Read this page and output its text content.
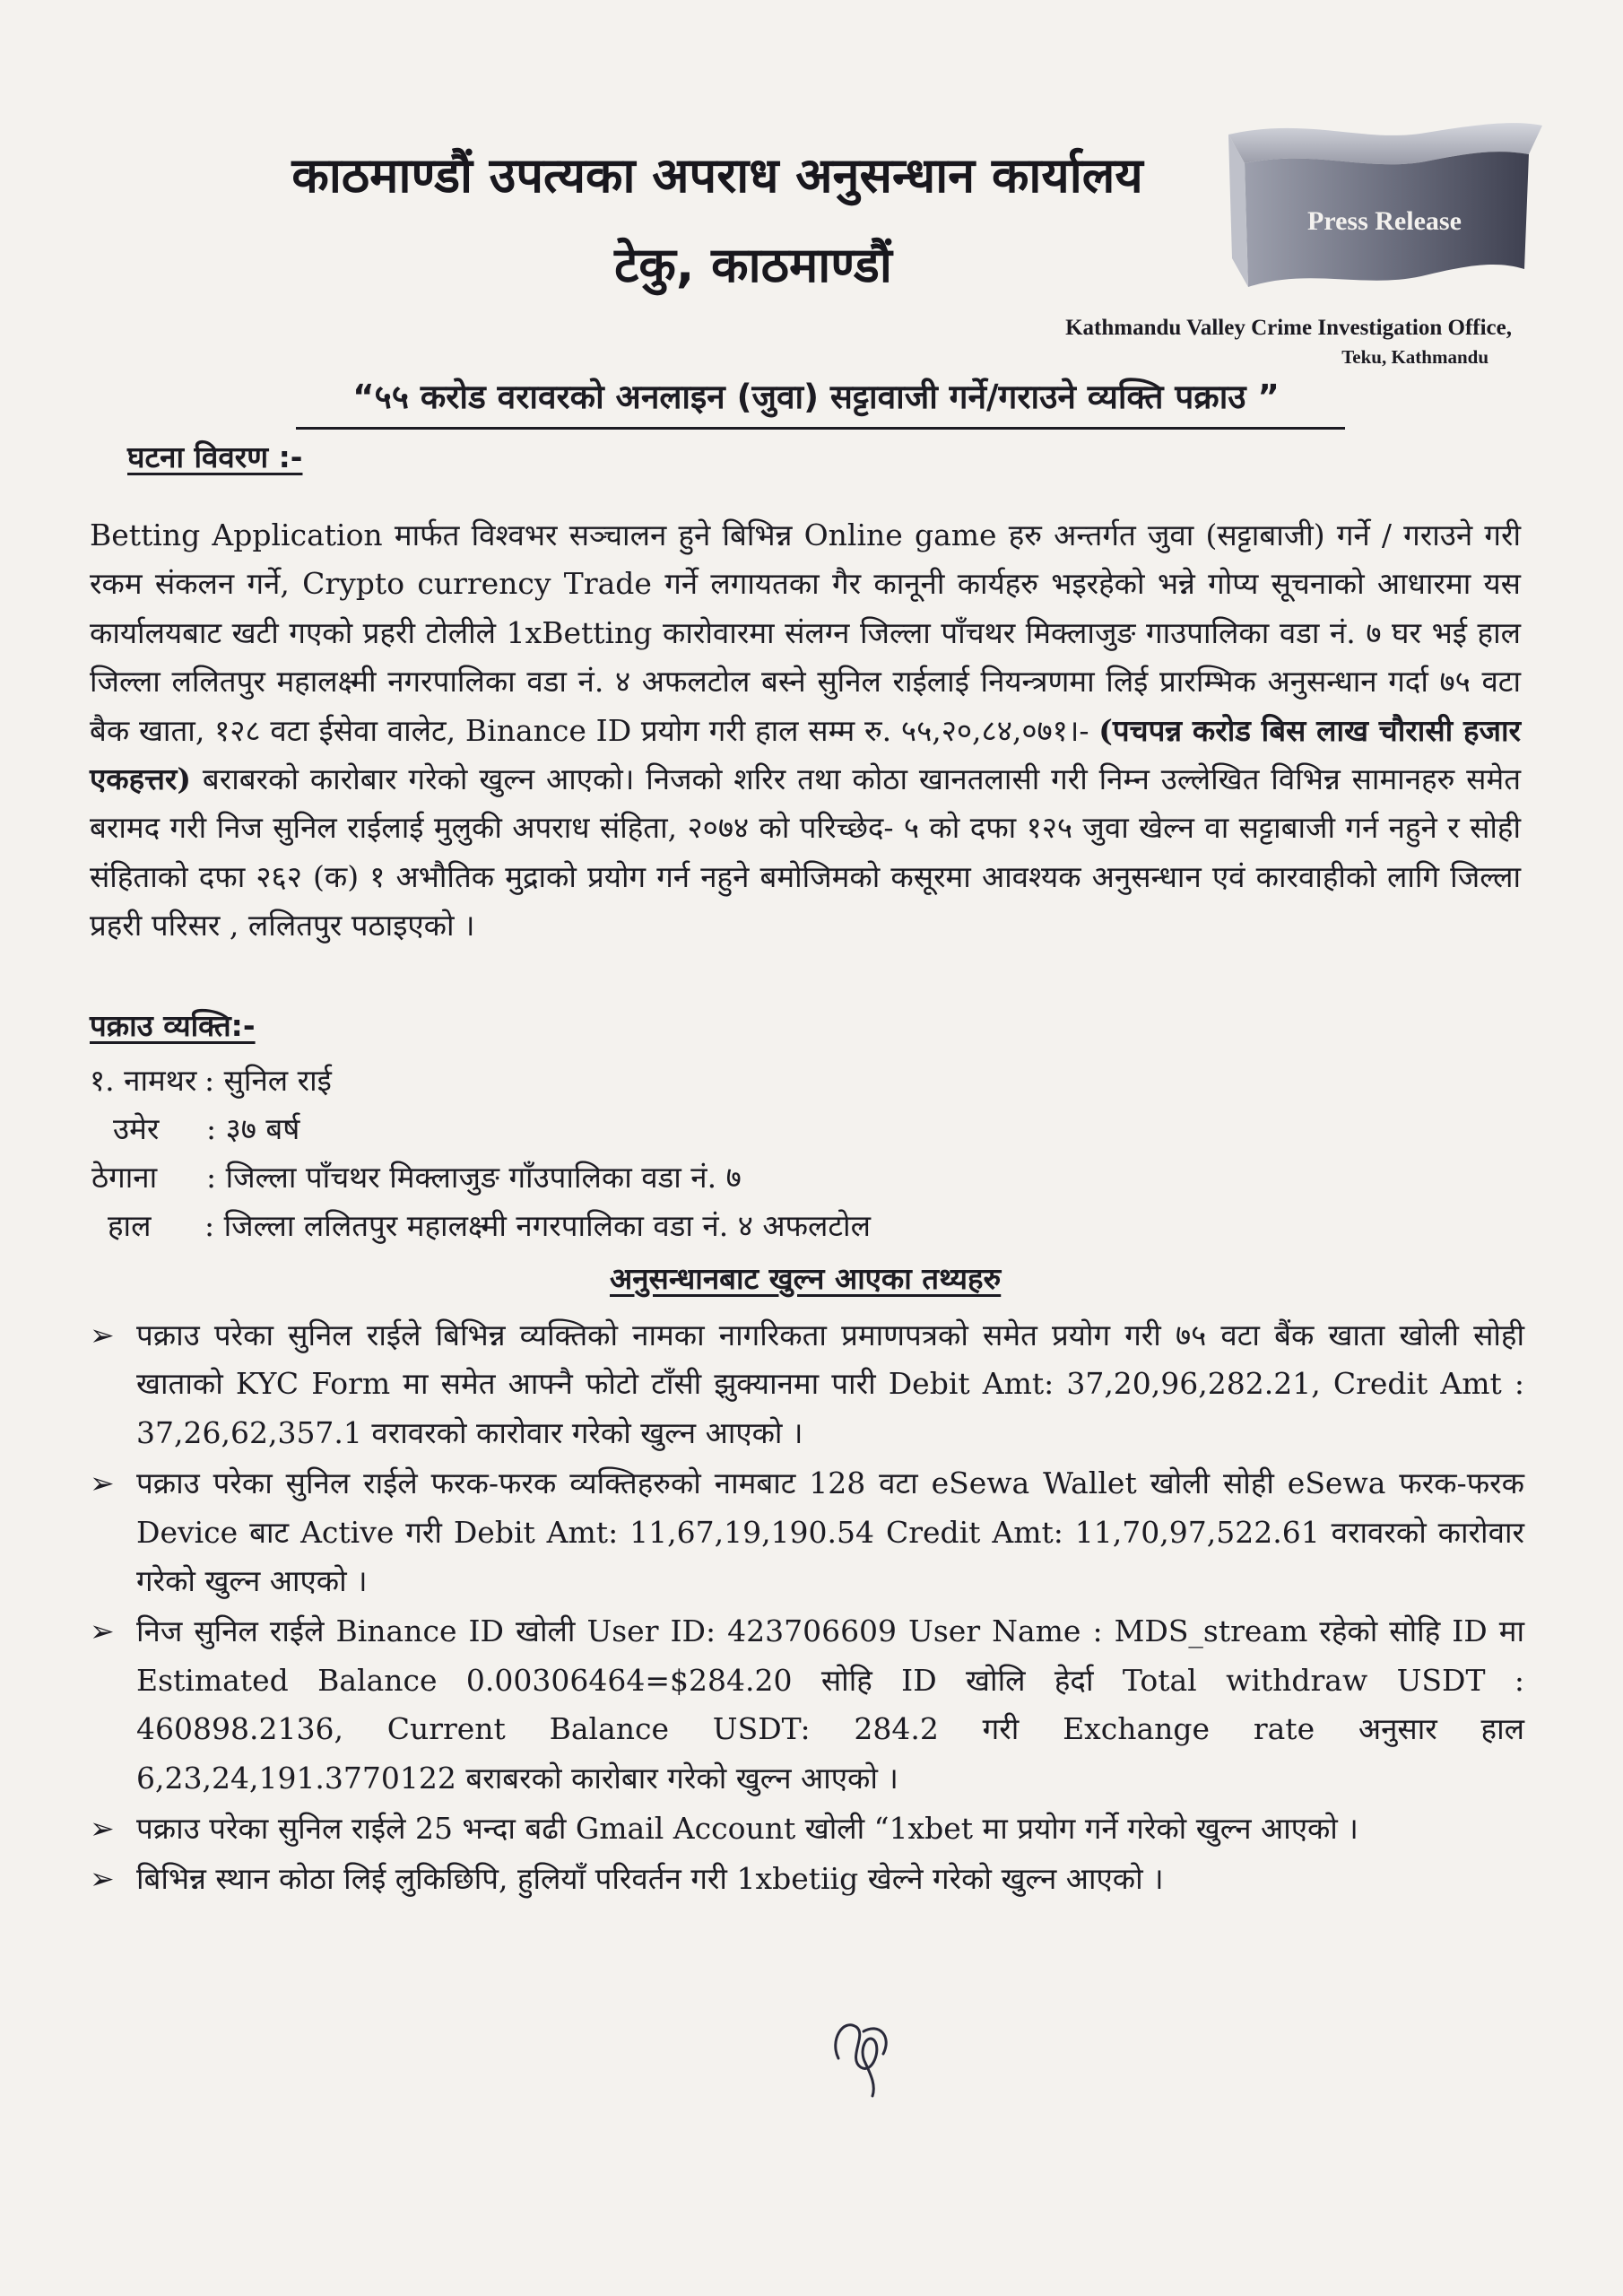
काठमाण्डौं उपत्यका अपराध अनुसन्धान कार्यालय
टेकु, काठमाण्डौं
Press Release
Kathmandu Valley Crime Investigation Office,
Teku, Kathmandu
“५५ करोड वरावरको अनलाइन (जुवा) सट्टावाजी गर्ने/गराउने व्यक्ति पक्राउ ”
घटना विवरण :-
Betting Application मार्फत विश्वभर सञ्चालन हुने बिभिन्न Online game हरु अन्तर्गत जुवा (सट्टाबाजी) गर्ने / गराउने गरी रकम संकलन गर्ने, Crypto currency Trade गर्ने लगायतका गैर कानूनी कार्यहरु भइरहेको भन्ने गोप्य सूचनाको आधारमा यस कार्यालयबाट खटी गएको प्रहरी टोलीले 1xBetting कारोवारमा संलग्न जिल्ला पाँचथर मिक्लाजुङ गाउपालिका वडा नं. ७ घर भई हाल जिल्ला ललितपुर महालक्ष्मी नगरपालिका वडा नं. ४ अफलटोल बस्ने सुनिल राईलाई नियन्त्रणमा लिई प्रारम्भिक अनुसन्धान गर्दा ७५ वटा बैक खाता, १२८ वटा ईसेवा वालेट, Binance ID प्रयोग गरी हाल सम्म रु. ५५,२०,८४,०७१।- (पचपन्न करोड बिस लाख चौरासी हजार एकहत्तर) बराबरको कारोबार गरेको खुल्न आएको। निजको शरिर तथा कोठा खानतलासी गरी निम्न उल्लेखित विभिन्न सामानहरु समेत बरामद गरी निज सुनिल राईलाई मुलुकी अपराध संहिता, २०७४ को परिच्छेद- ५ को दफा १२५ जुवा खेल्न वा सट्टाबाजी गर्न नहुने र सोही संहिताको दफा २६२ (क) १ अभौतिक मुद्राको प्रयोग गर्न नहुने बमोजिमको कसूरमा आवश्यक अनुसन्धान एवं कारवाहीको लागि जिल्ला प्रहरी परिसर , ललितपुर पठाइएको ।
पक्राउ व्यक्ति:-
१. नामथर : सुनिल राई
उमेर : ३७ बर्ष
ठेगाना : जिल्ला पाँचथर मिक्लाजुङ गाँउपालिका वडा नं. ७
हाल : जिल्ला ललितपुर महालक्ष्मी नगरपालिका वडा नं. ४ अफलटोल
अनुसन्धानबाट खुल्न आएका तथ्यहरु
➢ पक्राउ परेका सुनिल राईले बिभिन्न व्यक्तिको नामका नागरिकता प्रमाणपत्रको समेत प्रयोग गरी ७५ वटा बैंक खाता खोली सोही खाताको KYC Form मा समेत आफ्नै फोटो टाँसी झुक्यानमा पारी Debit Amt: 37,20,96,282.21, Credit Amt : 37,26,62,357.1 वरावरको कारोवार गरेको खुल्न आएको ।
➢ पक्राउ परेका सुनिल राईले फरक-फरक व्यक्तिहरुको नामबाट 128 वटा eSewa Wallet खोली सोही eSewa फरक-फरक Device बाट Active गरी Debit Amt: 11,67,19,190.54 Credit Amt: 11,70,97,522.61 वरावरको कारोवार गरेको खुल्न आएको ।
➢ निज सुनिल राईले Binance ID खोली User ID: 423706609 User Name : MDS_stream रहेको सोहि ID मा Estimated Balance 0.00306464=$284.20 सोहि ID खोलि हेर्दा Total withdraw USDT : 460898.2136, Current Balance USDT: 284.2 गरी Exchange rate अनुसार हाल 6,23,24,191.3770122 बराबरको कारोबार गरेको खुल्न आएको ।
➢ पक्राउ परेका सुनिल राईले 25 भन्दा बढी Gmail Account खोली “1xbet मा प्रयोग गर्ने गरेको खुल्न आएको ।
➢ बिभिन्न स्थान कोठा लिई लुकिछिपि, हुलियाँ परिवर्तन गरी 1xbetiig खेल्ने गरेको खुल्न आएको ।
